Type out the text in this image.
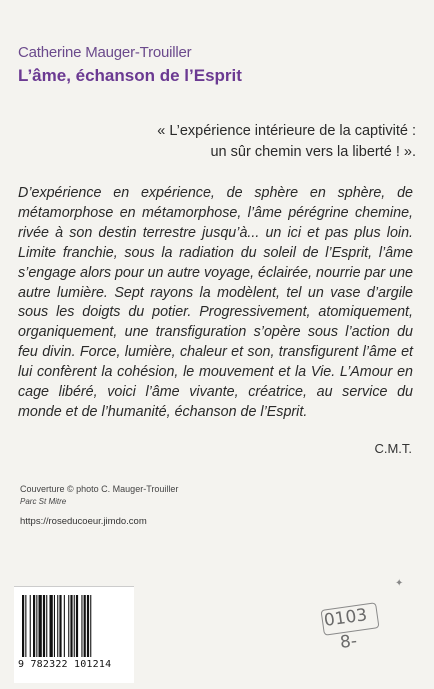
Catherine Mauger-Trouiller
L’âme, échanson de l’Esprit
« L’expérience intérieure de la captivité :
un sûr chemin vers la liberté ! ».
D’expérience en expérience, de sphère en sphère, de métamorphose en métamorphose, l’âme pérégrine chemine, rivée à son destin terrestre jusqu’à... un ici et pas plus loin. Limite franchie, sous la radiation du soleil de l’Esprit, l’âme s’engage alors pour un autre voyage, éclairée, nourrie par une autre lumière. Sept rayons la modèlent, tel un vase d’argile sous les doigts du potier. Progressivement, atomiquement, organiquement, une transfiguration s’opère sous l’action du feu divin. Force, lumière, chaleur et son, transfigurent l’âme et lui confèrent la cohésion, le mouvement et la Vie. L’Amour en cage libéré, voici l’âme vivante, créatrice, au service du monde et de l’humanité, échanson de l’Esprit.
C.M.T.
Couverture © photo C. Mauger-Trouiller
Parc St Mitre
https://roseducoeur.jimdo.com
✦
9 782322 101214
0103
8-
